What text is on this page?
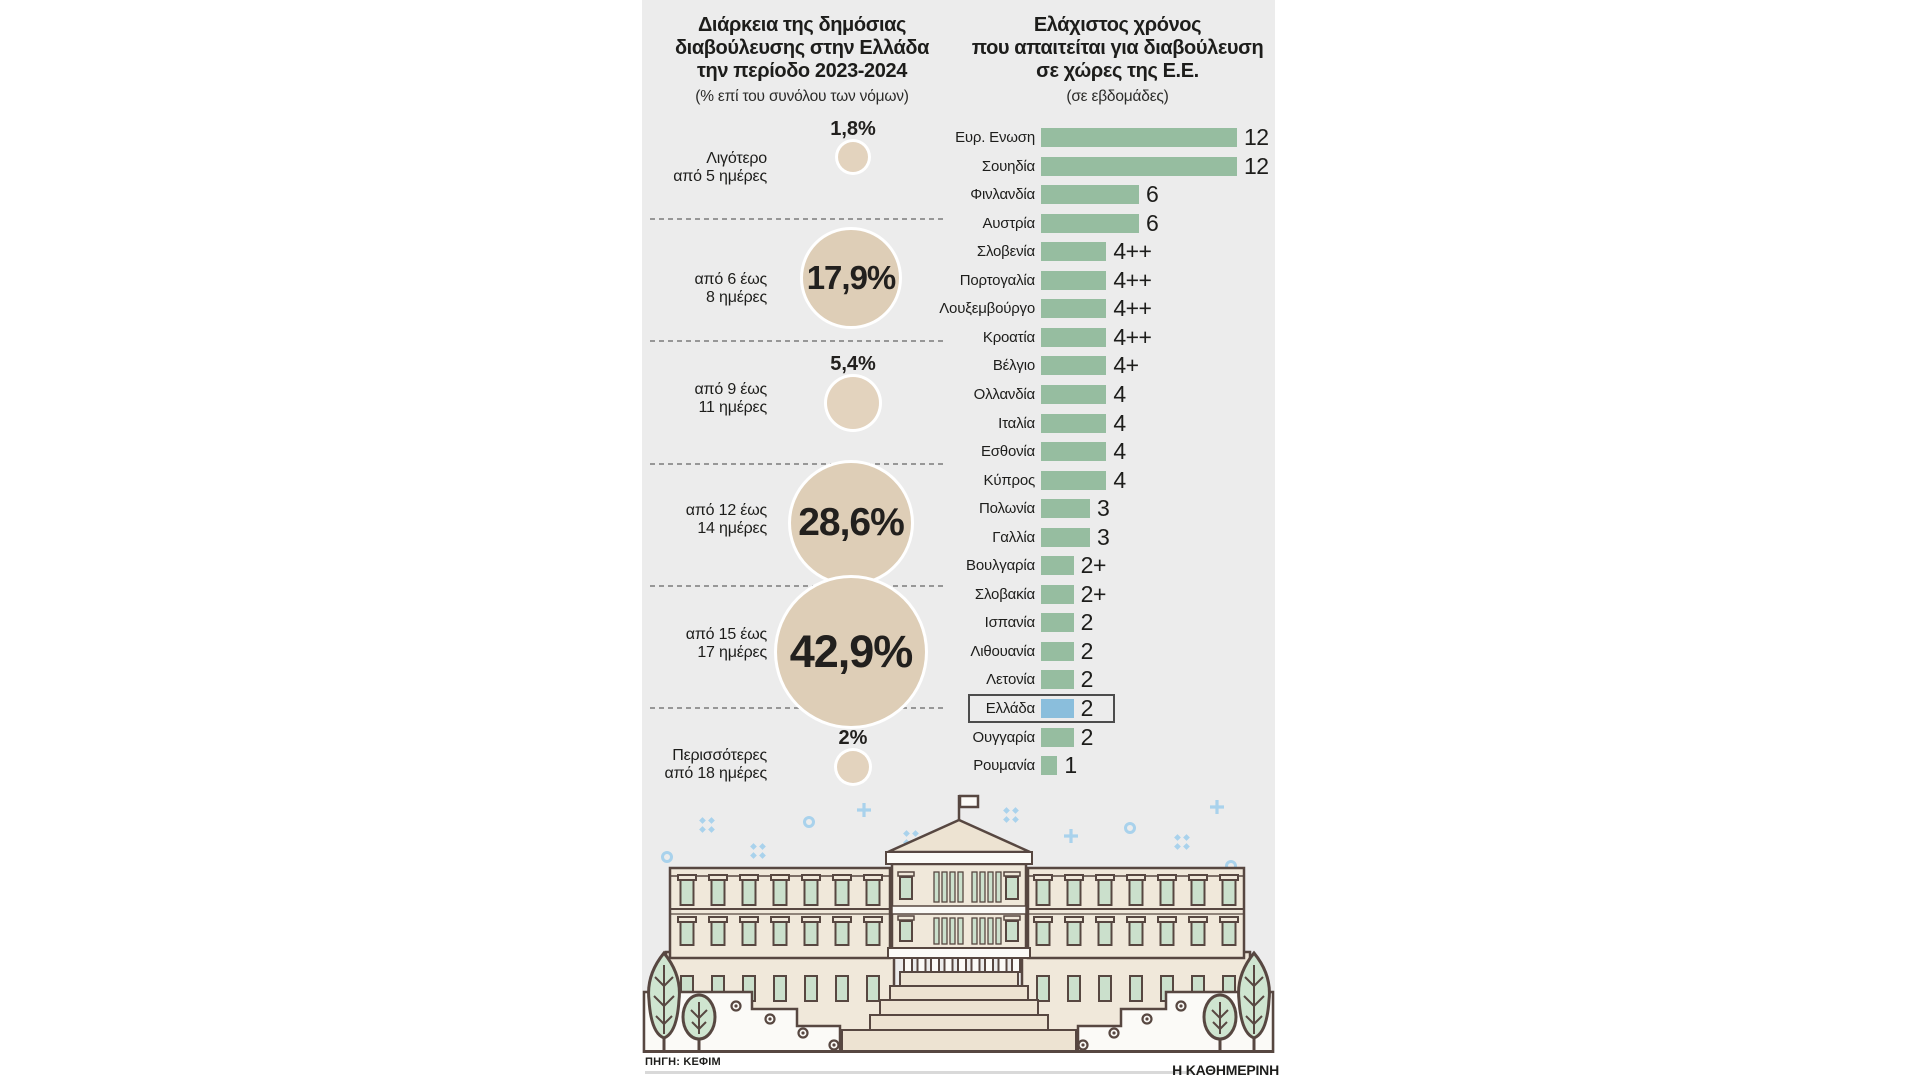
Διάρκεια της δημόσιας
διαβούλευσης στην Ελλάδα
την περίοδο 2023-2024
(% επί του συνόλου των νόμων)
Ελάχιστος χρόνος
που απαιτείται για διαβούλευση
σε χώρες της Ε.Ε.
(σε εβδομάδες)
Λιγότερο
από 5 ημέρες
1,8%
από 6 έως
8 ημέρες
17,9%
από 9 έως
11 ημέρες
5,4%
από 12 έως
14 ημέρες 28,6%
από 15 έως
17 ημέρες 42,9%
Περισσότερες
από 18 ημέρες
2%
Ευρ. Ενωση	12
Σουηδία	12
Φινλανδία	6
Αυστρία	6
Σλοβενία	4++
Πορτογαλία	4++
Λουξεμβούργο	4++
Κροατία	4++
Βέλγιο	4+
Ολλανδία	4
Ιταλία	4
Εσθονία	4
Κύπρος	4
Πολωνία	3
Γαλλία	3
Βουλγαρία 2+
Σλοβακία 2+
Ισπανία 2
Λιθουανία 2
Λετονία 2
Ελλάδα 2
Ουγγαρία 2
Ρουμανία 1
ΠΗΓΗ: ΚΕΦΙΜ	Η ΚΑΘΗΜΕΡΙΝΗ
